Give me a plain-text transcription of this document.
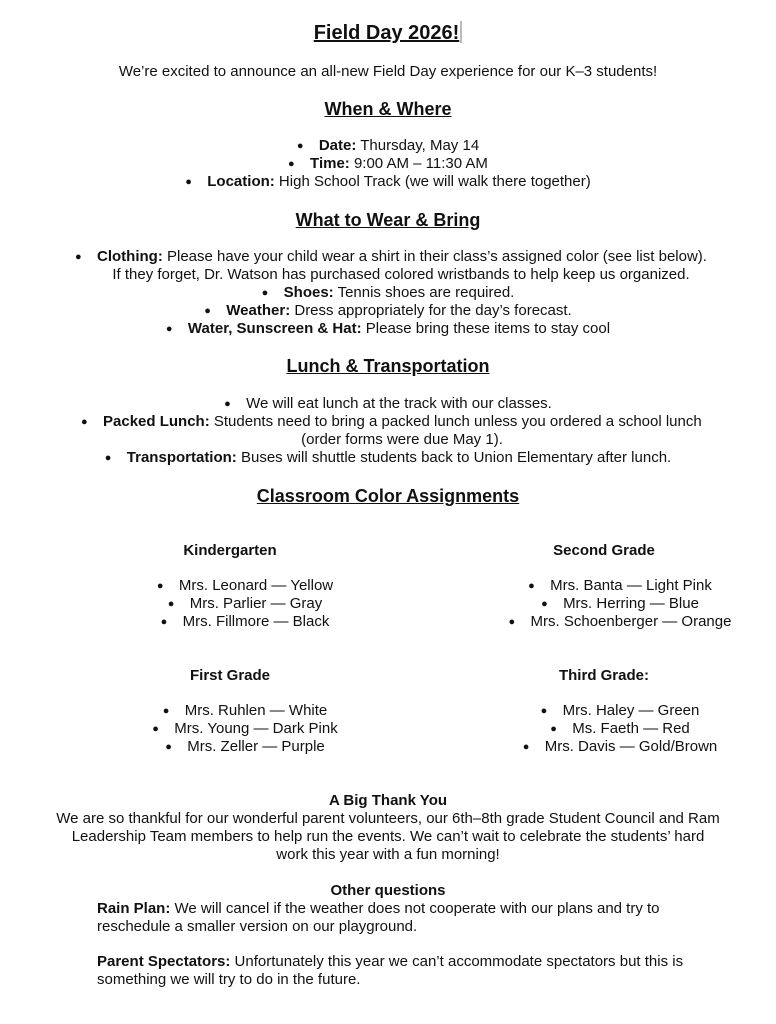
Field Day 2026!
We’re excited to announce an all-new Field Day experience for our K–3 students!
When & Where
● Date: Thursday, May 14
● Time: 9:00 AM – 11:30 AM
● Location: High School Track (we will walk there together)
What to Wear & Bring
● Clothing: Please have your child wear a shirt in their class’s assigned color (see list below).
If they forget, Dr. Watson has purchased colored wristbands to help keep us organized.
● Shoes: Tennis shoes are required.
● Weather: Dress appropriately for the day’s forecast.
● Water, Sunscreen & Hat: Please bring these items to stay cool
Lunch & Transportation
● We will eat lunch at the track with our classes.
● Packed Lunch: Students need to bring a packed lunch unless you ordered a school lunch
(order forms were due May 1).
● Transportation: Buses will shuttle students back to Union Elementary after lunch.
Classroom Color Assignments
Kindergarten
● Mrs. Leonard — Yellow
● Mrs. Parlier — Gray
● Mrs. Fillmore — Black
Second Grade
● Mrs. Banta — Light Pink
● Mrs. Herring — Blue
● Mrs. Schoenberger — Orange
First Grade
● Mrs. Ruhlen — White
● Mrs. Young — Dark Pink
● Mrs. Zeller — Purple
Third Grade:
● Mrs. Haley — Green
● Ms. Faeth — Red
● Mrs. Davis — Gold/Brown
A Big Thank You
We are so thankful for our wonderful parent volunteers, our 6th–8th grade Student Council and Ram
Leadership Team members to help run the events. We can’t wait to celebrate the students’ hard
work this year with a fun morning!
Other questions
Rain Plan: We will cancel if the weather does not cooperate with our plans and try to
reschedule a smaller version on our playground.
Parent Spectators: Unfortunately this year we can’t accommodate spectators but this is
something we will try to do in the future.
